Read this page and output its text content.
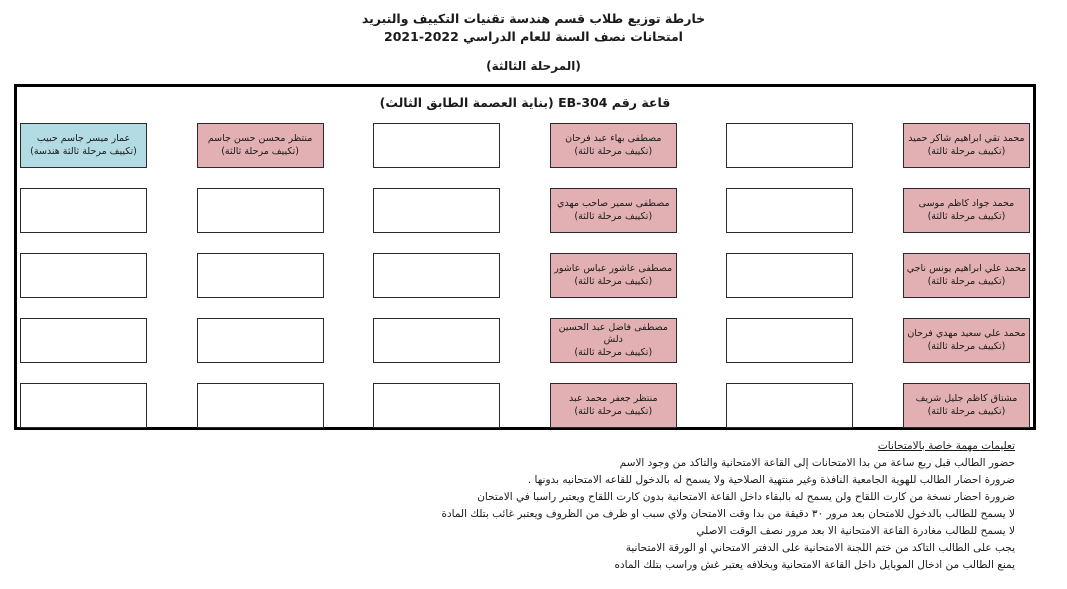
خارطة توزيع طلاب قسم هندسة تقنيات التكييف والتبريد
امتحانات نصف السنة للعام الدراسي 2022-2021
(المرحلة الثالثة)
قاعة رقم EB-304 (بناية العصمة الطابق الثالث)
عمار ميسر جاسم حبيب
(تكييف مرحلة ثالثة هندسة)
منتظر محسن حسن جاسم
(تكييف مرحلة ثالثة)
مصطفى بهاء عبد فرحان
(تكييف مرحلة ثالثة)
محمد تقي ابراهيم شاكر حميد
(تكييف مرحلة ثالثة)
مصطفى سمير صاحب مهدي
(تكييف مرحلة ثالثة)
محمد جواد كاظم موسى
(تكييف مرحلة ثالثة)
مصطفى عاشور عباس عاشور
(تكييف مرحلة ثالثة)
محمد علي ابراهيم يونس ناجي
(تكييف مرحلة ثالثة)
مصطفى فاضل عبد الحسين دلش
(تكييف مرحلة ثالثة)
محمد علي سعيد مهدي فرحان
(تكييف مرحلة ثالثة)
منتظر جعفر محمد عبد
(تكييف مرحلة ثالثة)
مشتاق كاظم جليل شريف
(تكييف مرحلة ثالثة)
تعليمات مهمة خاصة بالامتحانات
حضور الطالب قبل ربع ساعة من بدا الامتحانات إلى القاعة الامتحانية والتاكد من وجود الاسم
ضرورة احضار الطالب للهوية الجامعية النافذة وغير منتهية الصلاحية ولا يسمح له بالدخول للقاعه الامتحانيه بدونها .
ضرورة احضار نسخة من كارت اللقاح ولن يسمح له بالبقاء داخل القاعة الامتحانية بدون كارت اللقاح ويعتبر راسبا في الامتحان
لا يسمح للطالب بالدخول للامتحان بعد مرور ٣٠ دقيقة من بدا وقت الامتحان ولاي سبب او ظرف من الظروف ويعتبر غائب بتلك المادة
لا يسمح للطالب مغادرة القاعة الامتحانية الا بعد مرور نصف الوقت الاصلي
يجب على الطالب التاكد من ختم اللجنة الامتحانية على الدفتر الامتحاني او الورقة الامتحانية
يمنع الطالب من ادخال الموبايل داخل القاعة الامتحانية وبخلافه يعتبر غش وراسب بتلك الماده
